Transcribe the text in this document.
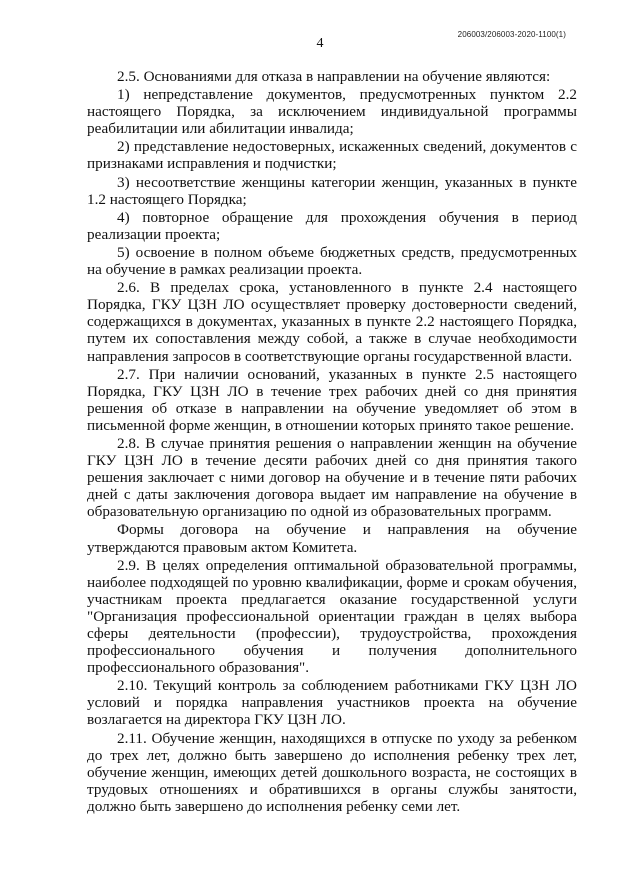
206003/206003-2020-1100(1)
4

2.5. Основаниями для отказа в направлении на обучение являются:

1) непредставление документов, предусмотренных пунктом 2.2 настоящего Порядка, за исключением индивидуальной программы реабилитации или абилитации инвалида;

2) представление недостоверных, искаженных сведений, документов с признаками исправления и подчистки;

3) несоответствие женщины категории женщин, указанных в пункте 1.2 настоящего Порядка;

4) повторное обращение для прохождения обучения в период реализации проекта;

5) освоение в полном объеме бюджетных средств, предусмотренных на обучение в рамках реализации проекта.

2.6. В пределах срока, установленного в пункте 2.4 настоящего Порядка, ГКУ ЦЗН ЛО осуществляет проверку достоверности сведений, содержащихся в документах, указанных в пункте 2.2 настоящего Порядка, путем их сопоставления между собой, а также в случае необходимости направления запросов в соответствующие органы государственной власти.

2.7. При наличии оснований, указанных в пункте 2.5 настоящего Порядка, ГКУ ЦЗН ЛО в течение трех рабочих дней со дня принятия решения об отказе в направлении на обучение уведомляет об этом в письменной форме женщин, в отношении которых принято такое решение.

2.8. В случае принятия решения о направлении женщин на обучение ГКУ ЦЗН ЛО в течение десяти рабочих дней со дня принятия такого решения заключает с ними договор на обучение и в течение пяти рабочих дней с даты заключения договора выдает им направление на обучение в образовательную организацию по одной из образовательных программ.

Формы договора на обучение и направления на обучение утверждаются правовым актом Комитета.

2.9. В целях определения оптимальной образовательной программы, наиболее подходящей по уровню квалификации, форме и срокам обучения, участникам проекта предлагается оказание государственной услуги "Организация профессиональной ориентации граждан в целях выбора сферы деятельности (профессии), трудоустройства, прохождения профессионального обучения и получения дополнительного профессионального образования".

2.10. Текущий контроль за соблюдением работниками ГКУ ЦЗН ЛО условий и порядка направления участников проекта на обучение возлагается на директора ГКУ ЦЗН ЛО.

2.11. Обучение женщин, находящихся в отпуске по уходу за ребенком до трех лет, должно быть завершено до исполнения ребенку трех лет, обучение женщин, имеющих детей дошкольного возраста, не состоящих в трудовых отношениях и обратившихся в органы службы занятости, должно быть завершено до исполнения ребенку семи лет.
